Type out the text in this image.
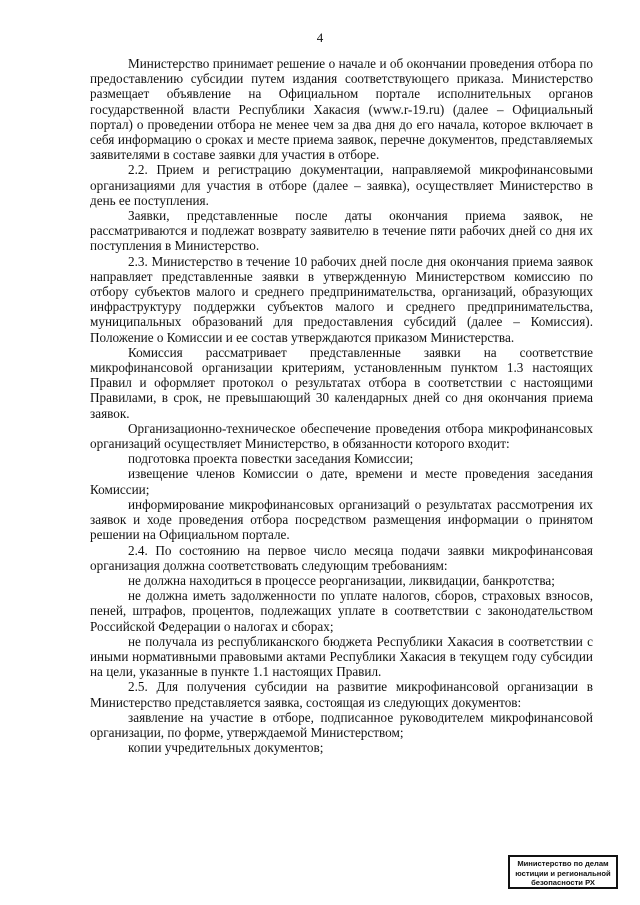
4

Министерство принимает решение о начале и об окончании проведения отбора по предоставлению субсидии путем издания соответствующего приказа. Министерство размещает объявление на Официальном портале исполнительных органов государственной власти Республики Хакасия (www.r-19.ru) (далее – Официальный портал) о проведении отбора не менее чем за два дня до его начала, которое включает в себя информацию о сроках и месте приема заявок, перечне документов, представляемых заявителями в составе заявки для участия в отборе.

2.2. Прием и регистрацию документации, направляемой микрофинансовыми организациями для участия в отборе (далее – заявка), осуществляет Министерство в день ее поступления.

Заявки, представленные после даты окончания приема заявок, не рассматриваются и подлежат возврату заявителю в течение пяти рабочих дней со дня их поступления в Министерство.

2.3. Министерство в течение 10 рабочих дней после дня окончания приема заявок направляет представленные заявки в утвержденную Министерством комиссию по отбору субъектов малого и среднего предпринимательства, организаций, образующих инфраструктуру поддержки субъектов малого и среднего предпринимательства, муниципальных образований для предоставления субсидий (далее – Комиссия). Положение о Комиссии и ее состав утверждаются приказом Министерства.

Комиссия рассматривает представленные заявки на соответствие микрофинансовой организации критериям, установленным пунктом 1.3 настоящих Правил и оформляет протокол о результатах отбора в соответствии с настоящими Правилами, в срок, не превышающий 30 календарных дней со дня окончания приема заявок.

Организационно-техническое обеспечение проведения отбора микрофинансовых организаций осуществляет Министерство, в обязанности которого входит:

подготовка проекта повестки заседания Комиссии;

извещение членов Комиссии о дате, времени и месте проведения заседания Комиссии;

информирование микрофинансовых организаций о результатах рассмотрения их заявок и ходе проведения отбора посредством размещения информации о принятом решении на Официальном портале.

2.4. По состоянию на первое число месяца подачи заявки микрофинансовая организация должна соответствовать следующим требованиям:

не должна находиться в процессе реорганизации, ликвидации, банкротства;

не должна иметь задолженности по уплате налогов, сборов, страховых взносов, пеней, штрафов, процентов, подлежащих уплате в соответствии с законодательством Российской Федерации о налогах и сборах;

не получала из республиканского бюджета Республики Хакасия в соответствии с иными нормативными правовыми актами Республики Хакасия в текущем году субсидии на цели, указанные в пункте 1.1 настоящих Правил.

2.5. Для получения субсидии на развитие микрофинансовой организации в Министерство представляется заявка, состоящая из следующих документов:

заявление на участие в отборе, подписанное руководителем микрофинансовой организации, по форме, утверждаемой Министерством;

копии учредительных документов;

Министерство по делам
юстиции и региональной
безопасности РХ
